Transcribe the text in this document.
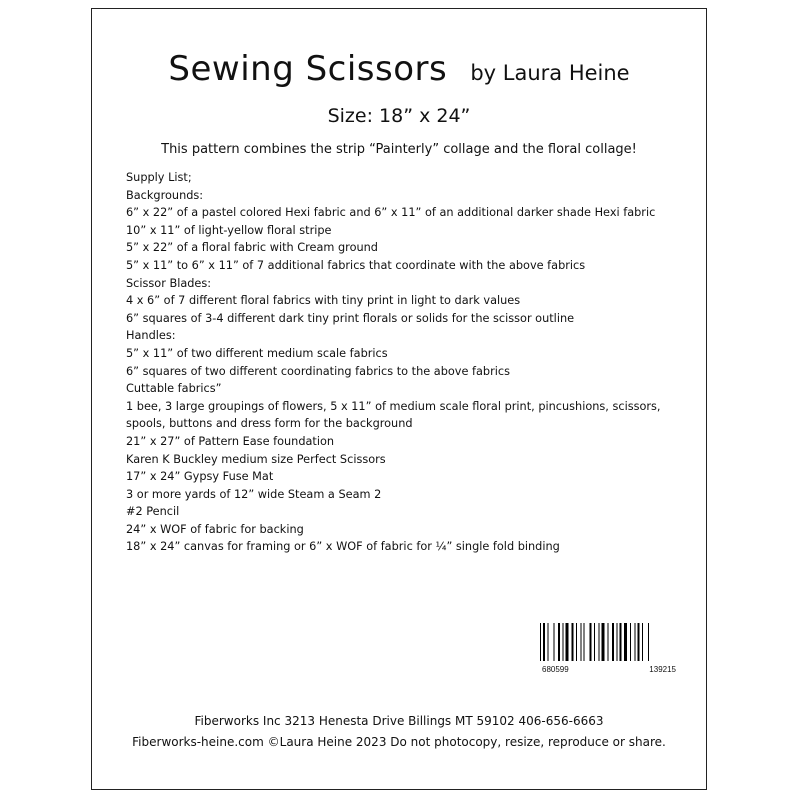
Sewing Scissors by Laura Heine
Size: 18” x 24”
This pattern combines the strip “Painterly” collage and the floral collage!
Supply List;
Backgrounds:
6” x 22” of a pastel colored Hexi fabric and 6” x 11” of an additional darker shade Hexi fabric
10” x 11” of light-yellow floral stripe
5” x 22” of a floral fabric with Cream ground
5” x 11” to 6” x 11” of 7 additional fabrics that coordinate with the above fabrics
Scissor Blades:
4 x 6” of 7 different floral fabrics with tiny print in light to dark values
6” squares of 3-4 different dark tiny print florals or solids for the scissor outline
Handles:
5” x 11” of two different medium scale fabrics
6” squares of two different coordinating fabrics to the above fabrics
Cuttable fabrics”
1 bee, 3 large groupings of flowers, 5 x 11” of medium scale floral print, pincushions, scissors, spools, buttons and dress form for the background
21” x 27” of Pattern Ease foundation
Karen K Buckley medium size Perfect Scissors
17” x 24” Gypsy Fuse Mat
3 or more yards of 12” wide Steam a Seam 2
#2 Pencil
24” x WOF of fabric for backing
18” x 24” canvas for framing or 6” x WOF of fabric for ¼” single fold binding
680599	139215
Fiberworks Inc 3213 Henesta Drive Billings MT 59102 406-656-6663
Fiberworks-heine.com ©Laura Heine 2023 Do not photocopy, resize, reproduce or share.
